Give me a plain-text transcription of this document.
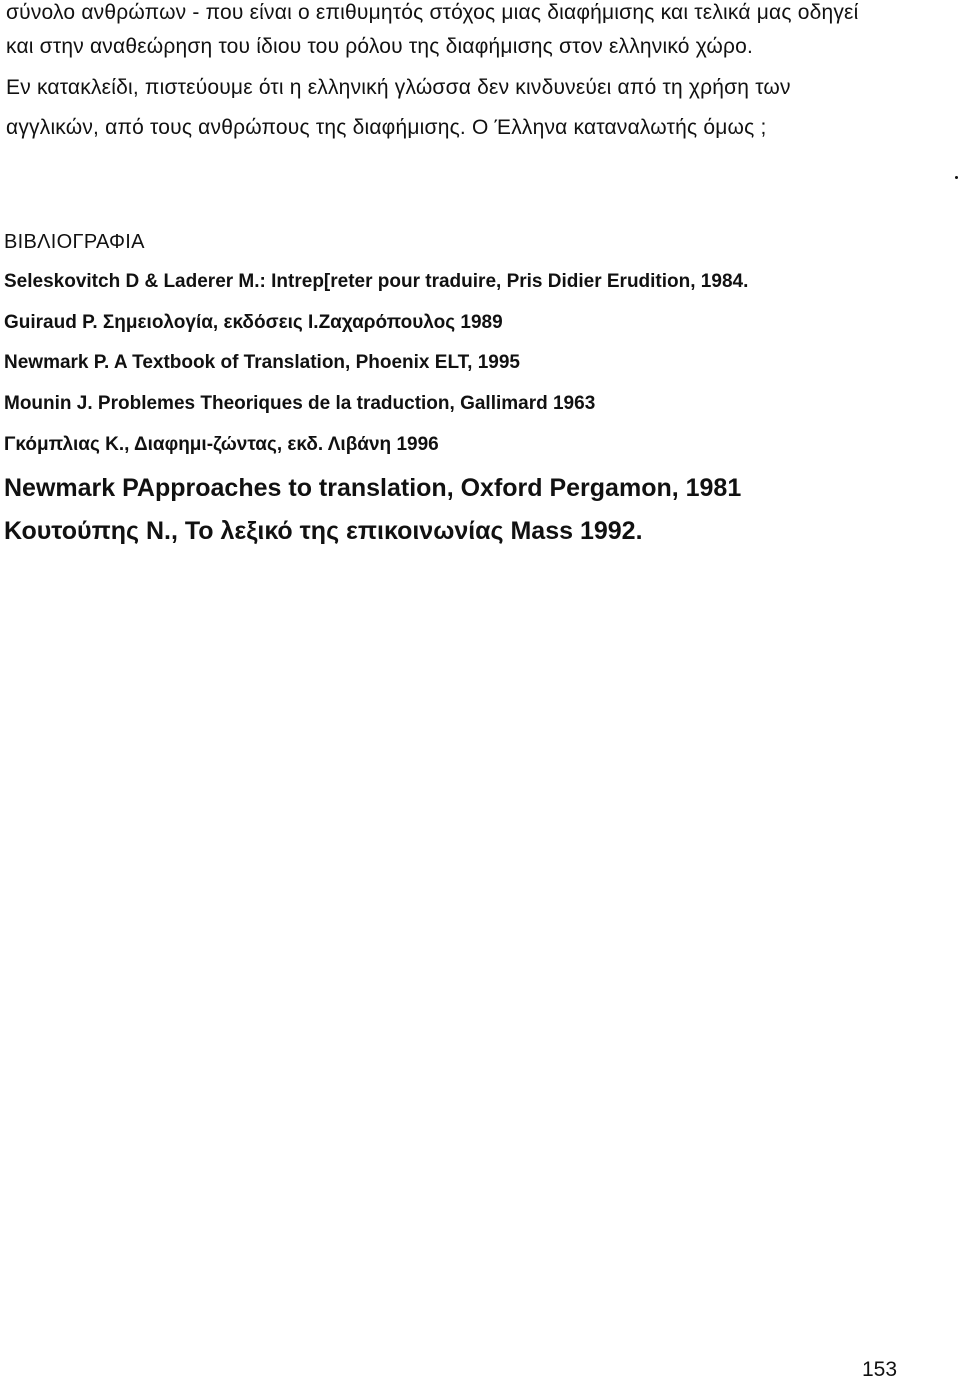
σύνολο ανθρώπων - που είναι ο επιθυμητός στόχος μιας διαφήμισης και τελικά μας οδηγεί
και στην αναθεώρηση του ίδιου του ρόλου της διαφήμισης στον ελληνικό χώρο.
Εν κατακλείδι, πιστεύουμε ότι η ελληνική γλώσσα δεν κινδυνεύει από τη χρήση των
αγγλικών, από τους ανθρώπους της διαφήμισης. Ο Έλληνα καταναλωτής όμως ;
ΒΙΒΛΙΟΓΡΑΦΙΑ
Seleskovitch D & Laderer M.: Intrep[reter pour traduire, Pris Didier Erudition, 1984.
Guiraud P. Σημειολογία, εκδόσεις Ι.Ζαχαρόπουλος 1989
Newmark P. A Textbook of Translation, Phoenix ELT, 1995
Mounin J. Problemes Theoriques de la traduction, Gallimard 1963
Γκόμπλιας Κ., Διαφημι-ζώντας, εκδ. Λιβάνη 1996
Newmark PApproaches to translation, Oxford Pergamon, 1981
Κουτούπης Ν., Το λεξικό της επικοινωνίας Mass 1992.
153
